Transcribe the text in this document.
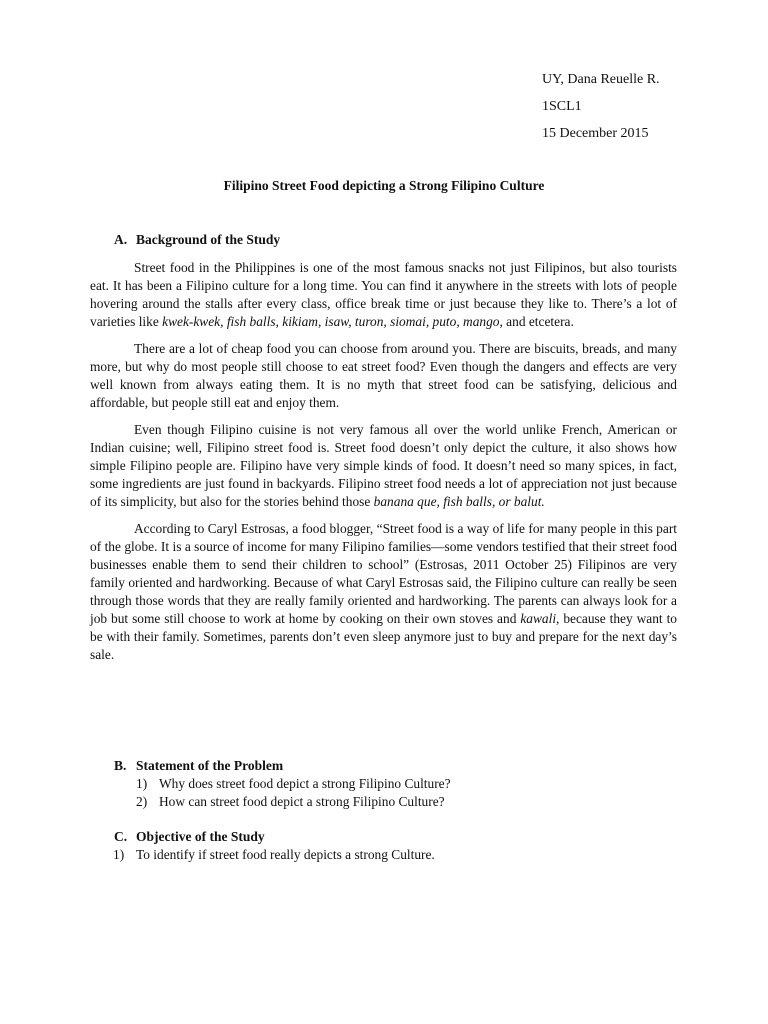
UY, Dana Reuelle R.
1SCL1
15 December 2015
Filipino Street Food depicting a Strong Filipino Culture
A. Background of the Study

Street food in the Philippines is one of the most famous snacks not just Filipinos, but also tourists eat. It has been a Filipino culture for a long time. You can find it anywhere in the streets with lots of people hovering around the stalls after every class, office break time or just because they like to. There’s a lot of varieties like kwek-kwek, fish balls, kikiam, isaw, turon, siomai, puto, mango, and etcetera.

There are a lot of cheap food you can choose from around you. There are biscuits, breads, and many more, but why do most people still choose to eat street food? Even though the dangers and effects are very well known from always eating them. It is no myth that street food can be satisfying, delicious and affordable, but people still eat and enjoy them.

Even though Filipino cuisine is not very famous all over the world unlike French, American or Indian cuisine; well, Filipino street food is. Street food doesn’t only depict the culture, it also shows how simple Filipino people are. Filipino have very simple kinds of food. It doesn’t need so many spices, in fact, some ingredients are just found in backyards. Filipino street food needs a lot of appreciation not just because of its simplicity, but also for the stories behind those banana que, fish balls, or balut.

According to Caryl Estrosas, a food blogger, “Street food is a way of life for many people in this part of the globe. It is a source of income for many Filipino families—some vendors testified that their street food businesses enable them to send their children to school” (Estrosas, 2011 October 25) Filipinos are very family oriented and hardworking. Because of what Caryl Estrosas said, the Filipino culture can really be seen through those words that they are really family oriented and hardworking. The parents can always look for a job but some still choose to work at home by cooking on their own stoves and kawali, because they want to be with their family. Sometimes, parents don’t even sleep anymore just to buy and prepare for the next day’s sale.

B. Statement of the Problem
1) Why does street food depict a strong Filipino Culture?
2) How can street food depict a strong Filipino Culture?
C. Objective of the Study
1) To identify if street food really depicts a strong Culture.
